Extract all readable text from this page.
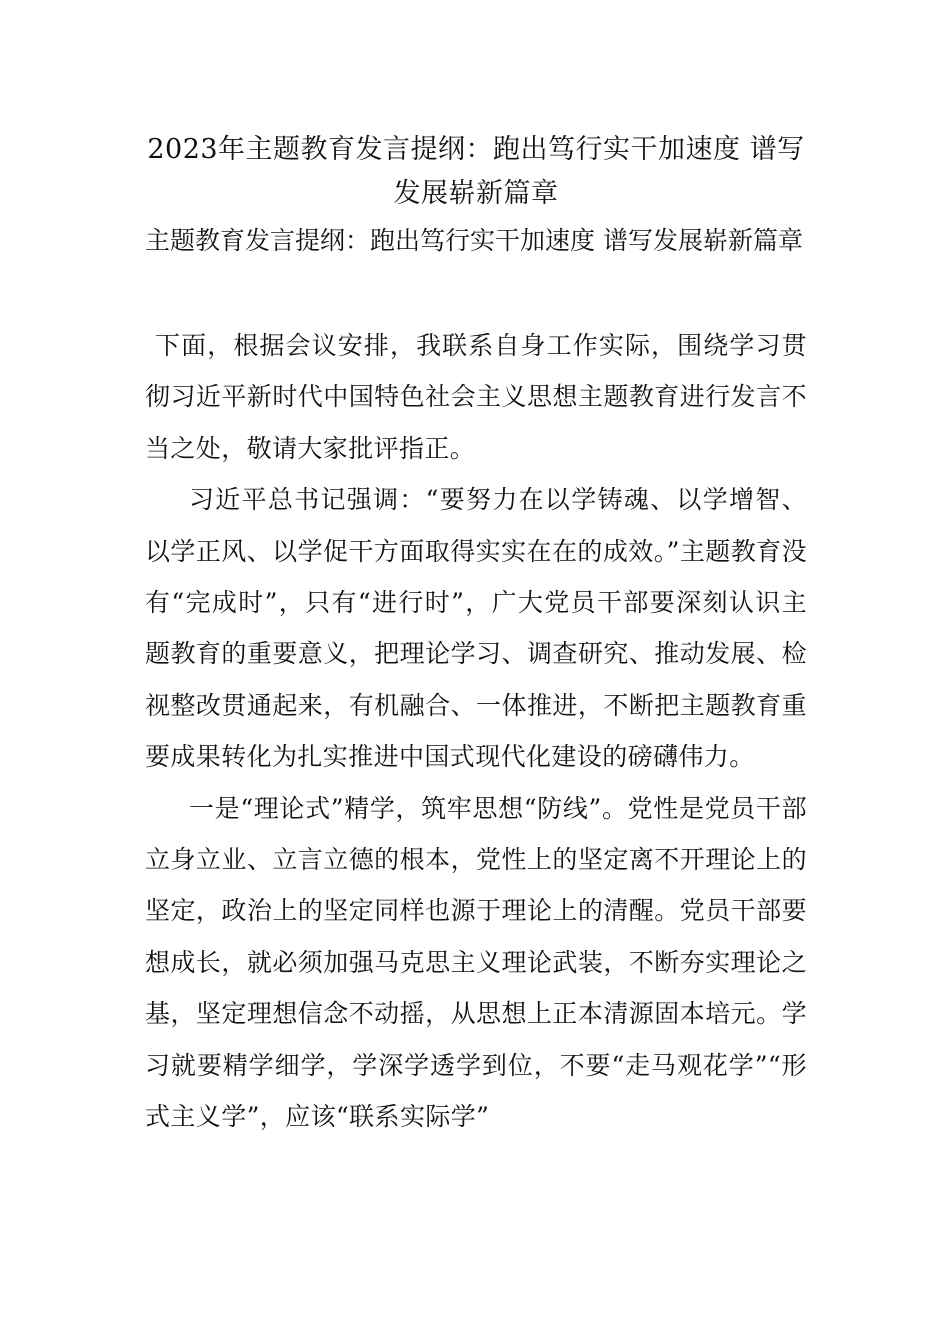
2023年主题教育发言提纲：跑出笃行实干加速度 谱写发展崭新篇章

主题教育发言提纲：跑出笃行实干加速度 谱写发展崭新篇章

下面，根据会议安排，我联系自身工作实际，围绕学习贯彻习近平新时代中国特色社会主义思想主题教育进行发言不当之处，敬请大家批评指正。

习近平总书记强调：“要努力在以学铸魂、以学增智、以学正风、以学促干方面取得实实在在的成效。”主题教育没有“完成时”，只有“进行时”，广大党员干部要深刻认识主题教育的重要意义，把理论学习、调查研究、推动发展、检视整改贯通起来，有机融合、一体推进，不断把主题教育重要成果转化为扎实推进中国式现代化建设的磅礴伟力。

一是“理论式”精学，筑牢思想“防线”。党性是党员干部立身立业、立言立德的根本，党性上的坚定离不开理论上的坚定，政治上的坚定同样也源于理论上的清醒。党员干部要想成长，就必须加强马克思主义理论武装，不断夯实理论之基，坚定理想信念不动摇，从思想上正本清源固本培元。学习就要精学细学，学深学透学到位，不要“走马观花学”“形式主义学”，应该“联系实际学”
